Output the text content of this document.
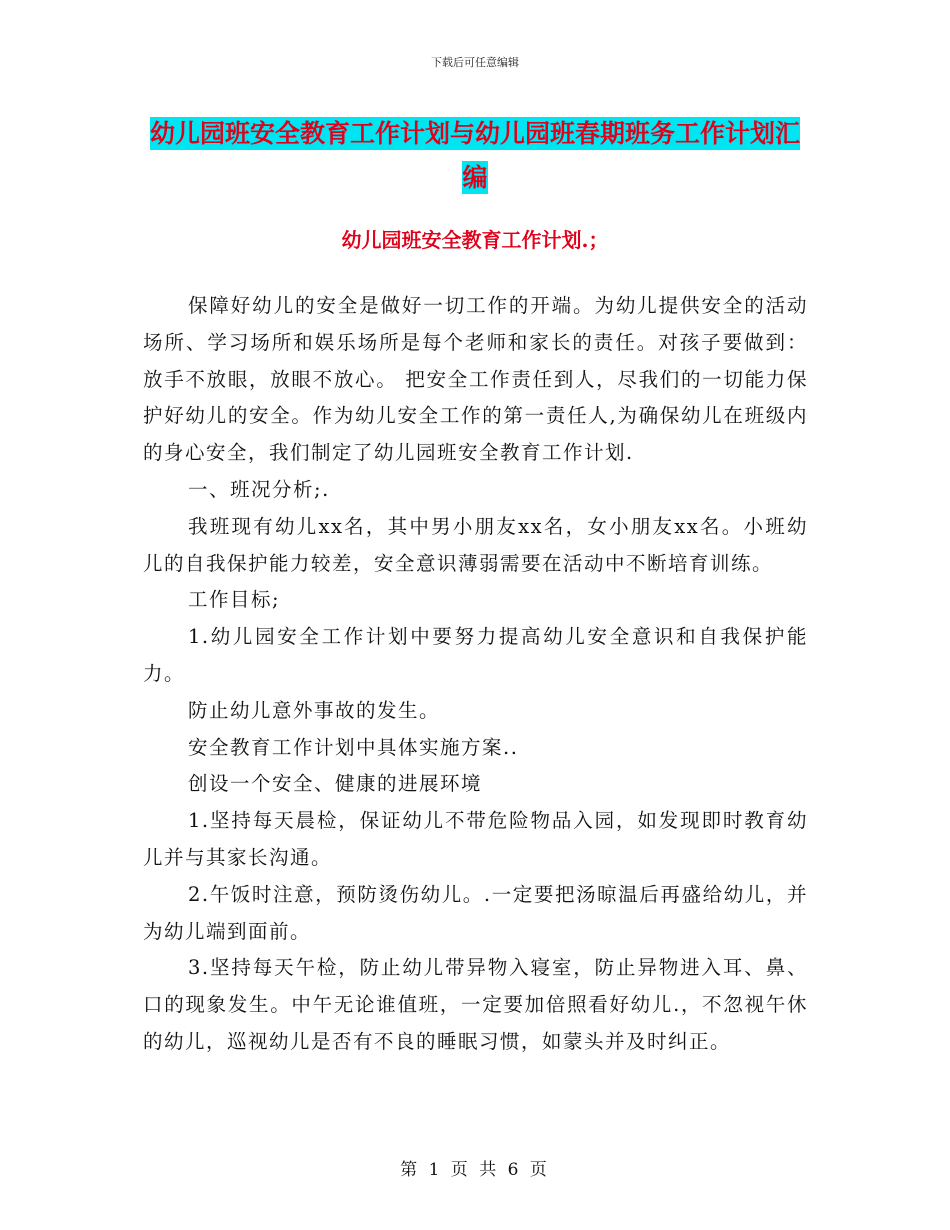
下载后可任意编辑
幼儿园班安全教育工作计划与幼儿园班春期班务工作计划汇编
幼儿园班安全教育工作计划.；

保障好幼儿的安全是做好一切工作的开端。为幼儿提供安全的活动场所、学习场所和娱乐场所是每个老师和家长的责任。对孩子要做到： 放手不放眼，放眼不放心。 把安全工作责任到人，尽我们的一切能力保护好幼儿的安全。作为幼儿安全工作的第一责任人,为确保幼儿在班级内的身心安全，我们制定了幼儿园班安全教育工作计划.

一、班况分析;.

我班现有幼儿xx名，其中男小朋友xx名，女小朋友xx名。小班幼儿的自我保护能力较差，安全意识薄弱需要在活动中不断培育训练。

工作目标;

1.幼儿园安全工作计划中要努力提高幼儿安全意识和自我保护能力。

防止幼儿意外事故的发生。

安全教育工作计划中具体实施方案..

创设一个安全、健康的进展环境

1.坚持每天晨检，保证幼儿不带危险物品入园，如发现即时教育幼儿并与其家长沟通。

2.午饭时注意，预防烫伤幼儿。.一定要把汤晾温后再盛给幼儿，并为幼儿端到面前。

3.坚持每天午检，防止幼儿带异物入寝室，防止异物进入耳、鼻、口的现象发生。中午无论谁值班，一定要加倍照看好幼儿.，不忽视午休的幼儿，巡视幼儿是否有不良的睡眠习惯，如蒙头并及时纠正。

第 1 页 共 6 页
